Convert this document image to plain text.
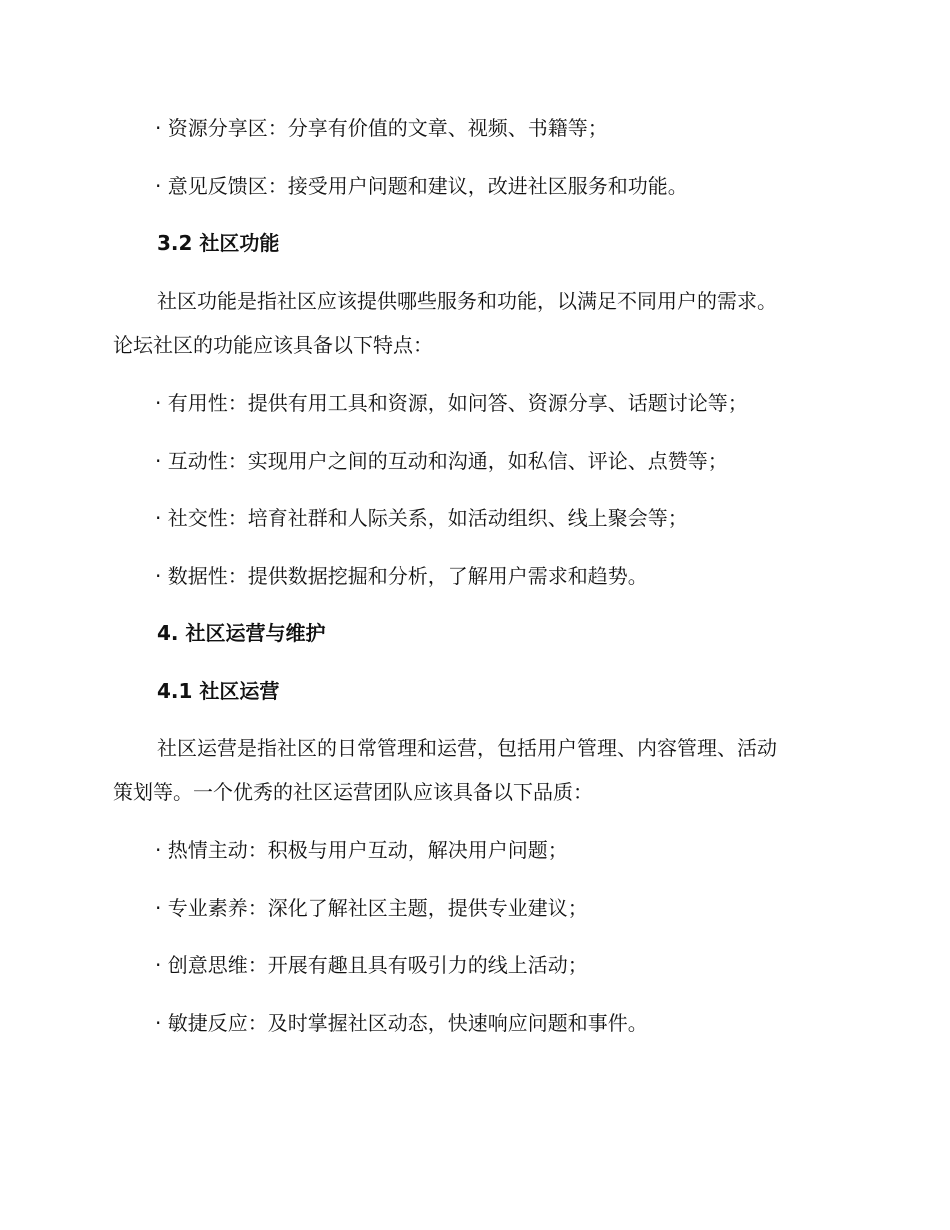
· 资源分享区：分享有价值的文章、视频、书籍等；
· 意见反馈区：接受用户问题和建议，改进社区服务和功能。
3.2 社区功能
社区功能是指社区应该提供哪些服务和功能，以满足不同用户的需求。
论坛社区的功能应该具备以下特点：
· 有用性：提供有用工具和资源，如问答、资源分享、话题讨论等；
· 互动性：实现用户之间的互动和沟通，如私信、评论、点赞等；
· 社交性：培育社群和人际关系，如活动组织、线上聚会等；
· 数据性：提供数据挖掘和分析，了解用户需求和趋势。
4. 社区运营与维护
4.1 社区运营
社区运营是指社区的日常管理和运营，包括用户管理、内容管理、活动
策划等。一个优秀的社区运营团队应该具备以下品质：
· 热情主动：积极与用户互动，解决用户问题；
· 专业素养：深化了解社区主题，提供专业建议；
· 创意思维：开展有趣且具有吸引力的线上活动；
· 敏捷反应：及时掌握社区动态，快速响应问题和事件。
